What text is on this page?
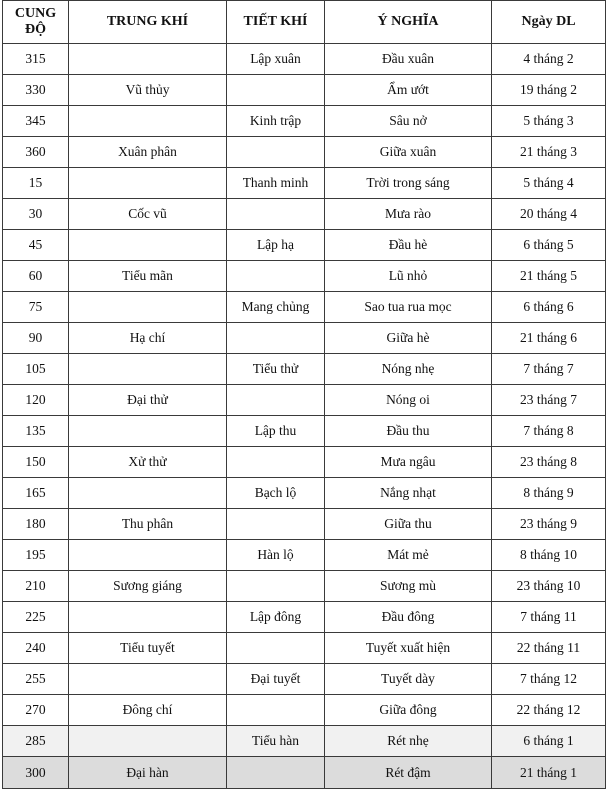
CUNG
ĐỘ	TRUNG KHÍ	TIẾT KHÍ	Ý NGHĨA	Ngày DL
315		Lập xuân	Đầu xuân	4 tháng 2
330	Vũ thủy		Ẩm ướt	19 tháng 2
345		Kinh trập	Sâu nở	5 tháng 3
360	Xuân phân		Giữa xuân	21 tháng 3
15		Thanh minh	Trời trong sáng	5 tháng 4
30	Cốc vũ		Mưa rào	20 tháng 4
45		Lập hạ	Đầu hè	6 tháng 5
60	Tiểu mãn		Lũ nhỏ	21 tháng 5
75		Mang chủng	Sao tua rua mọc	6 tháng 6
90	Hạ chí		Giữa hè	21 tháng 6
105		Tiểu thử	Nóng nhẹ	7 tháng 7
120	Đại thử		Nóng oi	23 tháng 7
135		Lập thu	Đầu thu	7 tháng 8
150	Xử thử		Mưa ngâu	23 tháng 8
165		Bạch lộ	Nắng nhạt	8 tháng 9
180	Thu phân		Giữa thu	23 tháng 9
195		Hàn lộ	Mát mẻ	8 tháng 10
210	Sương giáng		Sương mù	23 tháng 10
225		Lập đông	Đầu đông	7 tháng 11
240	Tiểu tuyết		Tuyết xuất hiện	22 tháng 11
255		Đại tuyết	Tuyết dày	7 tháng 12
270	Đông chí		Giữa đông	22 tháng 12
285		Tiểu hàn	Rét nhẹ	6 tháng 1
300	Đại hàn		Rét đậm	21 tháng 1
